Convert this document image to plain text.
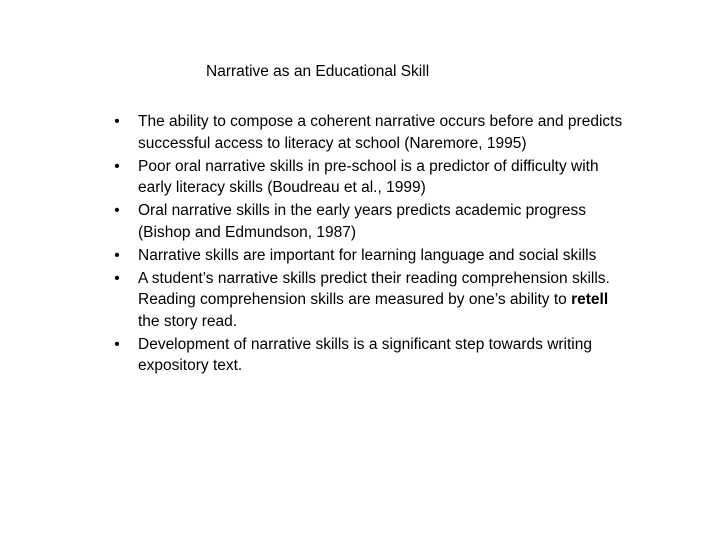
Narrative as an Educational Skill
• The ability to compose a coherent narrative occurs before and predicts successful access to literacy at school (Naremore, 1995)
• Poor oral narrative skills in pre-school is a predictor of difficulty with early literacy skills (Boudreau et al., 1999)
• Oral narrative skills in the early years predicts academic progress (Bishop and Edmundson, 1987)
• Narrative skills are important for learning language and social skills
• A student’s narrative skills predict their reading comprehension skills. Reading comprehension skills are measured by one’s ability to retell the story read.
• Development of narrative skills is a significant step towards writing expository text.
